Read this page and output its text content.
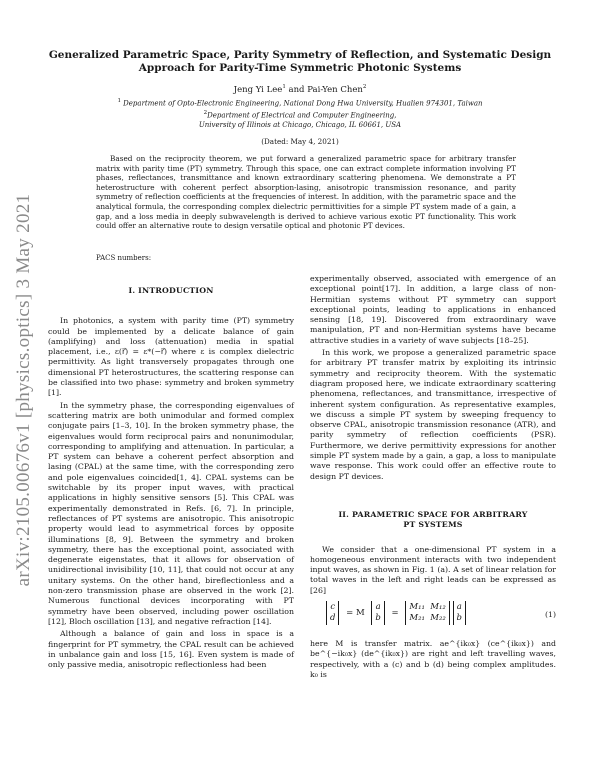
arXiv:2105.00676v1 [physics.optics] 3 May 2021
Generalized Parametric Space, Parity Symmetry of Reflection, and Systematic Design
Approach for Parity-Time Symmetric Photonic Systems
Jeng Yi Lee$^1$ and Pai-Yen Chen$^2$
$^1$ Department of Opto-Electronic Engineering, National Dong Hwa University, Hualien 974301, Taiwan
$^2$Department of Electrical and Computer Engineering,
University of Illinois at Chicago, Chicago, IL 60661, USA
(Dated: May 4, 2021)

Based on the reciprocity theorem, we put forward a generalized parametric space for arbitrary transfer matrix with parity time (PT) symmetry. Through this space, one can extract complete information involving PT phases, reflectances, transmittance and known extraordinary scattering phenomena. We demonstrate a PT heterostructure with coherent perfect absorption-lasing, anisotropic transmission resonance, and parity symmetry of reflection coefficients at the frequencies of interest. In addition, with the parametric space and the analytical formula, the corresponding complex dielectric permittivities for a simple PT system made of a gain, a gap, and a loss media in deeply subwavelength is derived to achieve various exotic PT functionality. This work could offer an alternative route to design versatile optical and photonic PT devices.

PACS numbers:
I. INTRODUCTION

In photonics, a system with parity time (PT) symmetry could be implemented by a delicate balance of gain (amplifying) and loss (attenuation) media in spatial placement, i.e., ε(r⃗) = ε*(−r⃗) where ε is complex dielectric permittivity. As light transversely propagates through one dimensional PT heterostructures, the scattering response can be classified into two phase: symmetry and broken symmetry [1].

In the symmetry phase, the corresponding eigenvalues of scattering matrix are both unimodular and formed complex conjugate pairs [1–3, 10]. In the broken symmetry phase, the eigenvalues would form reciprocal pairs and nonunimodular, corresponding to amplifying and attenuation. In particular, a PT system can behave a coherent perfect absorption and lasing (CPAL) at the same time, with the corresponding zero and pole eigenvalues coincided[1, 4]. CPAL systems can be switchable by its proper input waves, with practical applications in highly sensitive sensors [5]. This CPAL was experimentally demonstrated in Refs. [6, 7]. In principle, reflectances of PT systems are anisotropic. This anisotropic property would lead to asymmetrical forces by opposite illuminations [8, 9]. Between the symmetry and broken symmetry, there has the exceptional point, associated with degenerate eigenstates, that it allows for observation of unidirectional invisibility [10, 11], that could not occur at any unitary systems. On the other hand, bireflectionless and a non-zero transmission phase are observed in the work [2]. Numerous functional devices incorporating with PT symmetry have been observed, including power oscillation [12], Bloch oscillation [13], and negative refraction [14].

Although a balance of gain and loss in space is a fingerprint for PT symmetry, the CPAL result can be achieved in unbalance gain and loss [15, 16]. Even system is made of only passive media, anisotropic reflectionless had been

experimentally observed, associated with emergence of an exceptional point[17]. In addition, a large class of non-Hermitian systems without PT symmetry can support exceptional points, leading to applications in enhanced sensing [18, 19]. Discovered from extraordinary wave manipulation, PT and non-Hermitian systems have became attractive studies in a variety of wave subjects [18–25].

In this work, we propose a generalized parametric space for arbitrary PT transfer matrix by exploiting its intrinsic symmetry and reciprocity theorem. With the systematic diagram proposed here, we indicate extraordinary scattering phenomena, reflectances, and transmittance, irrespective of inherent system configuration. As representative examples, we discuss a simple PT system by sweeping frequency to observe CPAL, anisotropic transmission resonance (ATR), and parity symmetry of reflection coefficients (PSR). Furthermore, we derive permittivity expressions for another simple PT system made by a gain, a gap, a loss to manipulate wave response. This work could offer an effective route to design PT devices.

II. PARAMETRIC SPACE FOR ARBITRARY
PT SYSTEMS

We consider that a one-dimensional PT system in a homogeneous environment interacts with two independent input waves, as shown in Fig. 1 (a). A set of linear relation for total waves in the left and right leads can be expressed as [26]

c
d = M a
b = M₁₁  M₁₂
M₂₁  M₂₂ a
b	(1)

here M is transfer matrix. ae^{ik₀x} (ce^{ik₀x}) and be^{−ik₀x} (de^{ik₀x}) are right and left travelling waves, respectively, with a (c) and b (d) being complex amplitudes. k₀ is
